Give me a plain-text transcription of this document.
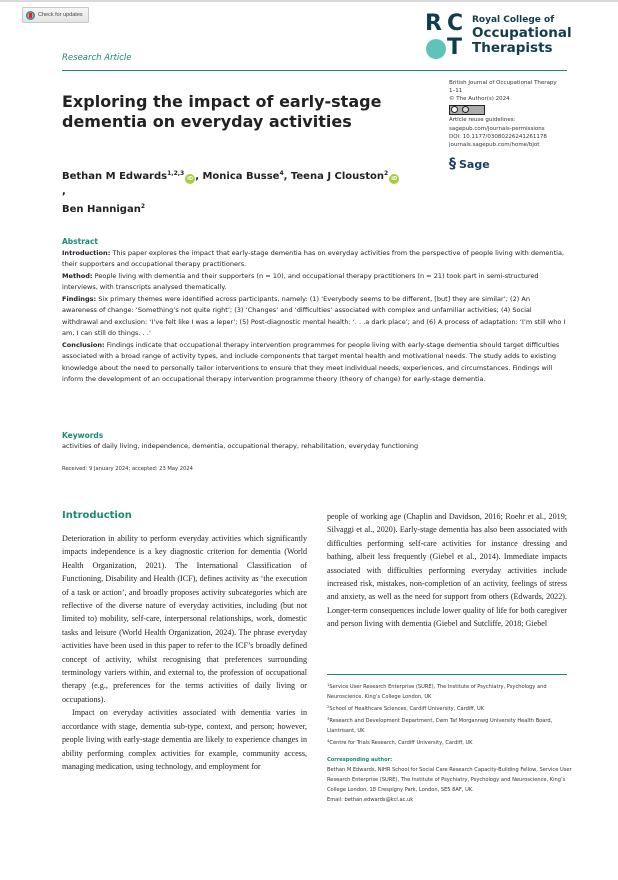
Check for updates
Research Article
R C
T
Royal College of
Occupational
Therapists
British Journal of Occupational Therapy
1–11
© The Author(s) 2024
Article reuse guidelines:
sagepub.com/journals-permissions
DOI: 10.1177/03080226241261178
journals.sagepub.com/home/bjot
§ Sage
Exploring the impact of early-stage dementia on everyday activities
Bethan M Edwards$^{1,2,3}$iD , Monica Busse$^4$, Teena J Clouston$^2$iD,
Ben Hannigan$^2$
Abstract

Introduction: This paper explores the impact that early-stage dementia has on everyday activities from the perspective of people living with dementia, their supporters and occupational therapy practitioners.

Method: People living with dementia and their supporters (n = 10), and occupational therapy practitioners (n = 21) took part in semi-structured interviews, with transcripts analysed thematically.

Findings: Six primary themes were identified across participants, namely: (1) ‘Everybody seems to be different, [but] they are similar’; (2) An awareness of change: ‘Something’s not quite right’; (3) ‘Changes’ and ‘difficulties’ associated with complex and unfamiliar activities; (4) Social withdrawal and exclusion: ‘I’ve felt like I was a leper’; (5) Post-diagnostic mental health: ‘. . .a dark place’; and (6) A process of adaptation: ‘I’m still who I am, I can still do things. . .’

Conclusion: Findings indicate that occupational therapy intervention programmes for people living with early-stage dementia should target difficulties associated with a broad range of activity types, and include components that target mental health and motivational needs. The study adds to existing knowledge about the need to personally tailor interventions to ensure that they meet individual needs, experiences, and circumstances. Findings will inform the development of an occupational therapy intervention programme theory (theory of change) for early-stage dementia.

Keywords
activities of daily living, independence, dementia, occupational therapy, rehabilitation, everyday functioning
Received: 9 January 2024; accepted: 23 May 2024
Introduction

Deterioration in ability to perform everyday activities which significantly impacts independence is a key diagnostic criterion for dementia (World Health Organization, 2021). The International Classification of Functioning, Disability and Health (ICF), defines activity as ‘the execution of a task or action’, and broadly proposes activity subcategories which are reflective of the diverse nature of everyday activities, including (but not limited to) mobility, self-care, interpersonal relationships, work, domestic tasks and leisure (World Health Organization, 2024). The phrase everyday activities have been used in this paper to refer to the ICF’s broadly defined concept of activity, whilst recognising that preferences surrounding terminology variers within, and external to, the profession of occupational therapy (e.g., preferences for the terms activities of daily living or occupations).

Impact on everyday activities associated with dementia varies in accordance with stage, dementia sub-type, context, and person; however, people living with early-stage dementia are likely to experience changes in ability performing complex activities for example, community access, managing medication, using technology, and employment for

people of working age (Chaplin and Davidson, 2016; Roehr et al., 2019; Silvaggi et al., 2020). Early-stage dementia has also been associated with difficulties performing self-care activities for instance dressing and bathing, albeit less frequently (Giebel et al., 2014). Immediate impacts associated with difficulties performing everyday activities include increased risk, mistakes, non-completion of an activity, feelings of stress and anxiety, as well as the need for support from others (Edwards, 2022). Longer-term consequences include lower quality of life for both caregiver and person living with dementia (Giebel and Sutcliffe, 2018; Giebel

$^1$Service User Research Enterprise (SURE), The Institute of Psychiatry, Psychology and Neuroscience, King’s College London, UK

$^2$School of Healthcare Sciences, Cardiff University, Cardiff, UK

$^3$Research and Development Department, Cwm Taf Morgannwg University Health Board, Llantrisant, UK

$^4$Centre for Trials Research, Cardiff University, Cardiff, UK

Corresponding author:
Bethan M Edwards, NIHR School for Social Care Research Capacity-Building Fellow, Service User Research Enterprise (SURE), The Institute of Psychiatry, Psychology and Neuroscience, King’s College London, 18 Crespigny Park, London, SE5 8AF, UK.
Email: bethan.edwards@kcl.ac.uk
